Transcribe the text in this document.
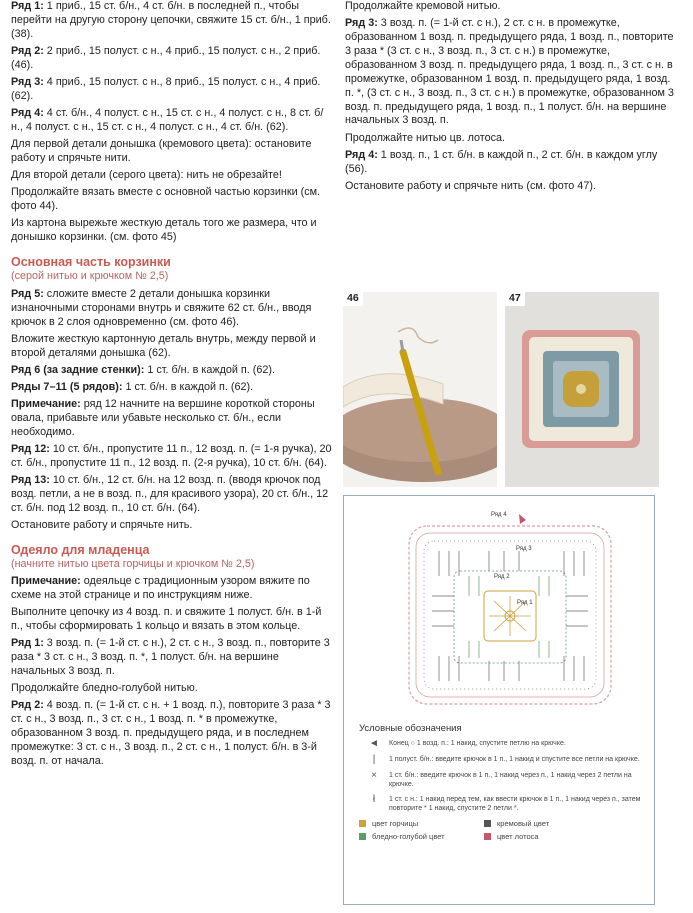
Ряд 1: 1 приб., 15 ст. б/н., 4 ст. б/н. в последней п., чтобы перейти на другую сторону цепочки, свяжите 15 ст. б/н., 1 приб. (38).
Ряд 2: 2 приб., 15 полуст. с н., 4 приб., 15 полуст. с н., 2 приб. (46).
Ряд 3: 4 приб., 15 полуст. с н., 8 приб., 15 полуст. с н., 4 приб. (62).
Ряд 4: 4 ст. б/н., 4 полуст. с н., 15 ст. с н., 4 полуст. с н., 8 ст. б/н., 4 полуст. с н., 15 ст. с н., 4 полуст. с н., 4 ст. б/н. (62).
Для первой детали донышка (кремового цвета): остановите работу и спрячьте нити.
Для второй детали (серого цвета): нить не обрезайте!
Продолжайте вязать вместе с основной частью корзинки (см. фото 44).
Из картона вырежьте жесткую деталь того же размера, что и донышко корзинки. (см. фото 45)
Основная часть корзинки
(серой нитью и крючком № 2,5)
Ряд 5: сложите вместе 2 детали донышка корзинки изнаночными сторонами внутрь и свяжите 62 ст. б/н., вводя крючок в 2 слоя одновременно (см. фото 46).
Вложите жесткую картонную деталь внутрь, между первой и второй деталями донышка (62).
Ряд 6 (за задние стенки): 1 ст. б/н. в каждой п. (62).
Ряды 7–11 (5 рядов): 1 ст. б/н. в каждой п. (62).
Примечание: ряд 12 начните на вершине короткой стороны овала, прибавьте или убавьте несколько ст. б/н., если необходимо.
Ряд 12: 10 ст. б/н., пропустите 11 п., 12 возд. п. (= 1-я ручка), 20 ст. б/н., пропустите 11 п., 12 возд. п. (2-я ручка), 10 ст. б/н. (64).
Ряд 13: 10 ст. б/н., 12 ст. б/н. на 12 возд. п. (вводя крючок под возд. петли, а не в возд. п., для красивого узора), 20 ст. б/н., 12 ст. б/н. под 12 возд. п., 10 ст. б/н. (64).
Остановите работу и спрячьте нить.
Одеяло для младенца
(начните нитью цвета горчицы и крючком № 2,5)
Примечание: одеяльце с традиционным узором вяжите по схеме на этой странице и по инструкциям ниже.
Выполните цепочку из 4 возд. п. и свяжите 1 полуст. б/н. в 1-й п., чтобы сформировать 1 кольцо и вязать в этом кольце.
Ряд 1: 3 возд. п. (= 1-й ст. с н.), 2 ст. с н., 3 возд. п., повторите 3 раза * 3 ст. с н., 3 возд. п. *, 1 полуст. б/н. на вершине начальных 3 возд. п.
Продолжайте бледно-голубой нитью.
Ряд 2: 4 возд. п. (= 1-й ст. с н. + 1 возд. п.), повторите 3 раза * 3 ст. с н., 3 возд. п., 3 ст. с н., 1 возд. п. * в промежутке, образованном 3 возд. п. предыдущего ряда, и в последнем промежутке: 3 ст. с н., 3 возд. п., 2 ст. с н., 1 полуст. б/н. в 3-й возд. п. от начала.
Продолжайте кремовой нитью.
Ряд 3: 3 возд. п. (= 1-й ст. с н.), 2 ст. с н. в промежутке, образованном 1 возд. п. предыдущего ряда, 1 возд. п., повторите 3 раза * (3 ст. с н., 3 возд. п., 3 ст. с н.) в промежутке, образованном 3 возд. п. предыдущего ряда, 1 возд. п., 3 ст. с н. в промежутке, образованном 1 возд. п. предыдущего ряда, 1 возд. п. *, (3 ст. с н., 3 возд. п., 3 ст. с н.) в промежутке, образованном 3 возд. п. предыдущего ряда, 1 возд. п., 1 полуст. б/н. на вершине начальных 3 возд. п.
Продолжайте нитью цв. лотоса.
Ряд 4: 1 возд. п., 1 ст. б/н. в каждой п., 2 ст. б/н. в каждом углу (56).
Остановите работу и спрячьте нить (см. фото 47).
46	47
Ряд 4
Ряд 3
Ряд 2
Ряд 1
Условные обозначения
◄	Конец ○ 1 возд. п.: 1 накид, спустите петлю на крючке.
|	1 полуст. б/н.: введите крючок в 1 п., 1 накид и спустите все петли на крючке.
×	1 ст. б/н.: введите крючок в 1 п., 1 накид через п., 1 накид через 2 петли на крючке.
ł	1 ст. с н.: 1 накид перед тем, как ввести крючок в 1 п., 1 накид через п., затем повторите * 1 накид, спустите 2 петли *.
цвет горчицы	кремовый цвет
бледно-голубой цвет	цвет лотоса
